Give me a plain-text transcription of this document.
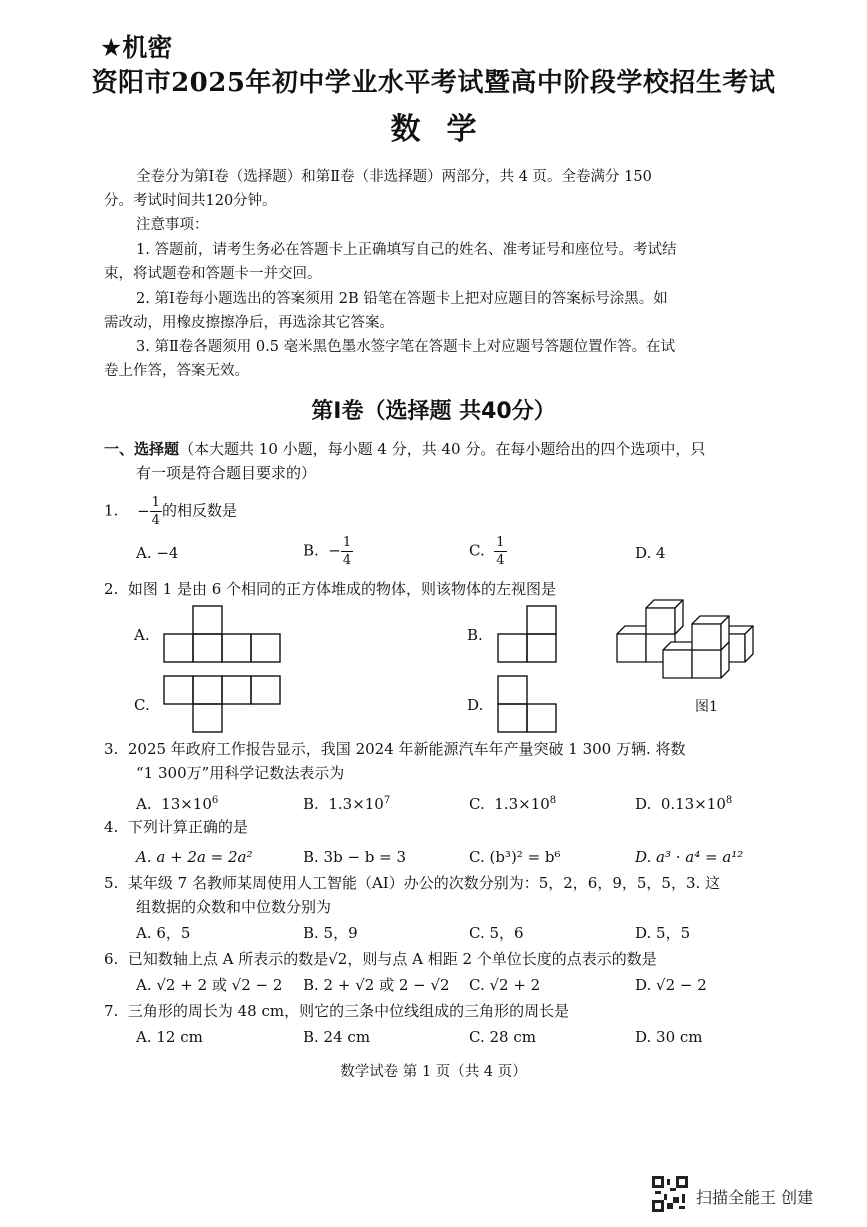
★机密
资阳市2025年初中学业水平考试暨高中阶段学校招生考试
数学
全卷分为第Ⅰ卷（选择题）和第Ⅱ卷（非选择题）两部分，共 4 页。全卷满分 150
分。考试时间共120分钟。
注意事项：
1. 答题前，请考生务必在答题卡上正确填写自己的姓名、准考证号和座位号。考试结
束，将试题卷和答题卡一并交回。
2. 第Ⅰ卷每小题选出的答案须用 2B 铅笔在答题卡上把对应题目的答案标号涂黑。如
需改动，用橡皮擦擦净后，再选涂其它答案。
3. 第Ⅱ卷各题须用 0.5 毫米黑色墨水签字笔在答题卡上对应题号答题位置作答。在试
卷上作答，答案无效。
第Ⅰ卷（选择题 共40分）
一、选择题（本大题共 10 小题，每小题 4 分，共 40 分。在每小题给出的四个选项中，只
有一项是符合题目要求的）
1. − $\frac{1}{4}$ 的相反数是
A. −4	B. − $\frac{1}{4}$	C. $\frac{1}{4}$	D. 4
2. 如图 1 是由 6 个相同的正方体堆成的物体，则该物体的左视图是
A.	B.
C.	D.	图1
3. 2025 年政府工作报告显示，我国 2024 年新能源汽车年产量突破 1 300 万辆. 将数
“1 300万”用科学记数法表示为
A. $13\times 10^6$	B. $1.3\times 10^7$	C. $1.3\times 10^8$	D. $0.13\times 10^8$
4. 下列计算正确的是
A. a + 2a = 2a²	B. 3b − b = 3	C. (b³)² = b⁶	D. a³ · a⁴ = a¹²
5. 某年级 7 名教师某周使用人工智能（AI）办公的次数分别为：5，2，6，9，5，5，3. 这
组数据的众数和中位数分别为
A. 6，5	B. 5，9	C. 5，6	D. 5，5
6. 已知数轴上点 A 所表示的数是√2，则与点 A 相距 2 个单位长度的点表示的数是
A. √2 + 2 或 √2 − 2 B. 2 + √2 或 2 − √2 C. √2 + 2	D. √2 − 2
7. 三角形的周长为 48 cm，则它的三条中位线组成的三角形的周长是
A. 12 cm	B. 24 cm	C. 28 cm	D. 30 cm
数学试卷 第 1 页（共 4 页）
扫描全能王 创建
